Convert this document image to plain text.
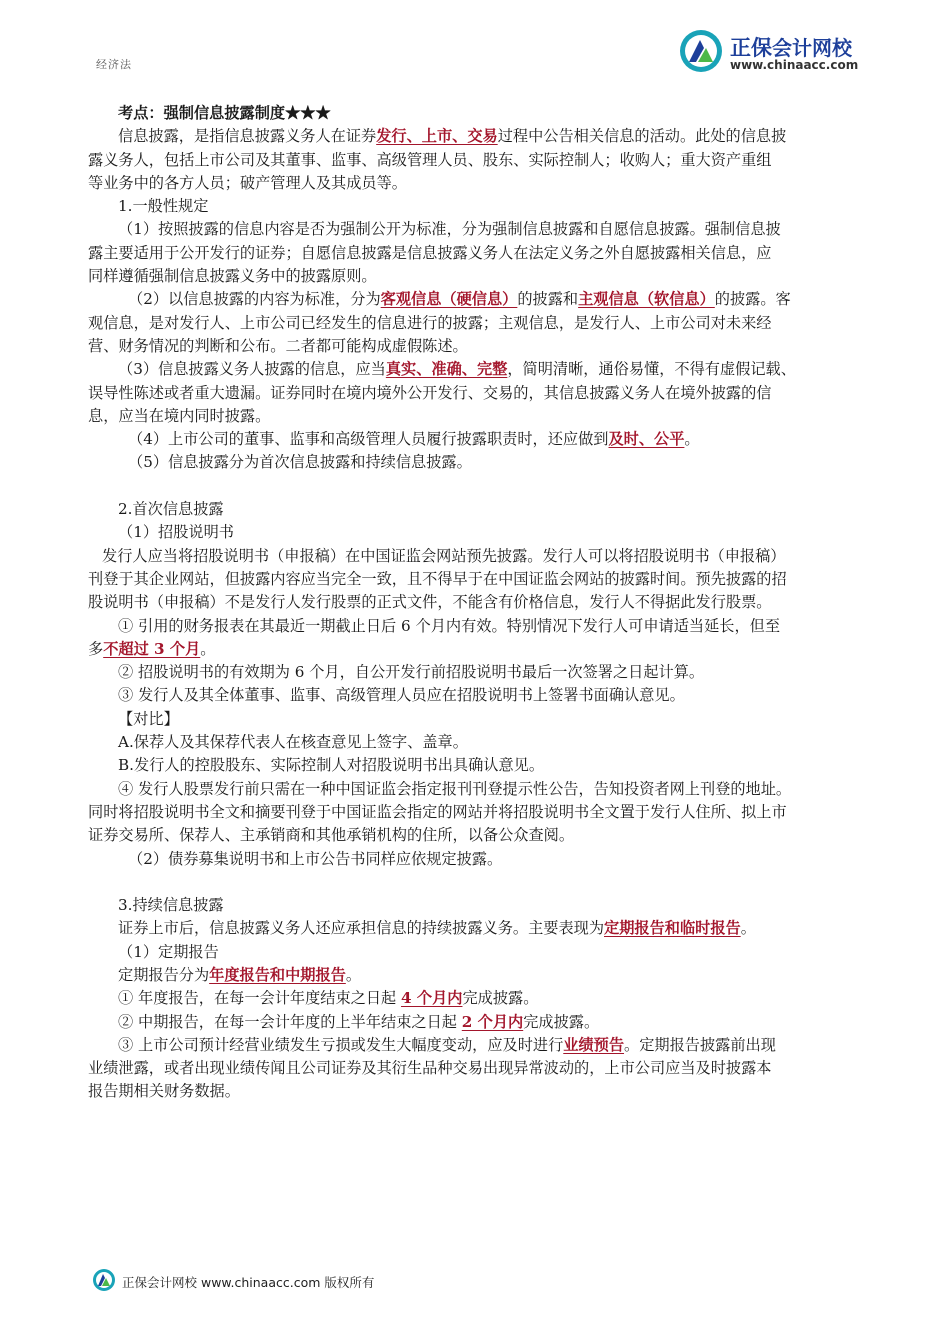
经济法
正保会计网校
www.chinaacc.com
考点：强制信息披露制度★★★
信息披露，是指信息披露义务人在证券发行、上市、交易过程中公告相关信息的活动。此处的信息披
露义务人，包括上市公司及其董事、监事、高级管理人员、股东、实际控制人；收购人；重大资产重组
等业务中的各方人员；破产管理人及其成员等。
1.一般性规定
（1）按照披露的信息内容是否为强制公开为标准，分为强制信息披露和自愿信息披露。强制信息披
露主要适用于公开发行的证券；自愿信息披露是信息披露义务人在法定义务之外自愿披露相关信息，应
同样遵循强制信息披露义务中的披露原则。
（2）以信息披露的内容为标准，分为客观信息（硬信息）的披露和主观信息（软信息）的披露。客
观信息，是对发行人、上市公司已经发生的信息进行的披露；主观信息，是发行人、上市公司对未来经
营、财务情况的判断和公布。二者都可能构成虚假陈述。
（3）信息披露义务人披露的信息，应当真实、准确、完整，简明清晰，通俗易懂，不得有虚假记载、
误导性陈述或者重大遗漏。证券同时在境内境外公开发行、交易的，其信息披露义务人在境外披露的信
息，应当在境内同时披露。
（4）上市公司的董事、监事和高级管理人员履行披露职责时，还应做到及时、公平。
（5）信息披露分为首次信息披露和持续信息披露。
2.首次信息披露
（1）招股说明书
发行人应当将招股说明书（申报稿）在中国证监会网站预先披露。发行人可以将招股说明书（申报稿）
刊登于其企业网站，但披露内容应当完全一致，且不得早于在中国证监会网站的披露时间。预先披露的招
股说明书（申报稿）不是发行人发行股票的正式文件，不能含有价格信息，发行人不得据此发行股票。
① 引用的财务报表在其最近一期截止日后 6 个月内有效。特别情况下发行人可申请适当延长，但至
多不超过 3 个月。
② 招股说明书的有效期为 6 个月，自公开发行前招股说明书最后一次签署之日起计算。
③ 发行人及其全体董事、监事、高级管理人员应在招股说明书上签署书面确认意见。
【对比】
A.保荐人及其保荐代表人在核查意见上签字、盖章。
B.发行人的控股股东、实际控制人对招股说明书出具确认意见。
④ 发行人股票发行前只需在一种中国证监会指定报刊刊登提示性公告，告知投资者网上刊登的地址。
同时将招股说明书全文和摘要刊登于中国证监会指定的网站并将招股说明书全文置于发行人住所、拟上市
证券交易所、保荐人、主承销商和其他承销机构的住所，以备公众查阅。
（2）债券募集说明书和上市公告书同样应依规定披露。
3.持续信息披露
证券上市后，信息披露义务人还应承担信息的持续披露义务。主要表现为定期报告和临时报告。
（1）定期报告
定期报告分为年度报告和中期报告。
① 年度报告，在每一会计年度结束之日起 4 个月内完成披露。
② 中期报告，在每一会计年度的上半年结束之日起 2 个月内完成披露。
③ 上市公司预计经营业绩发生亏损或发生大幅度变动，应及时进行业绩预告。定期报告披露前出现
业绩泄露，或者出现业绩传闻且公司证券及其衍生品种交易出现异常波动的，上市公司应当及时披露本
报告期相关财务数据。
正保会计网校 www.chinaacc.com 版权所有
